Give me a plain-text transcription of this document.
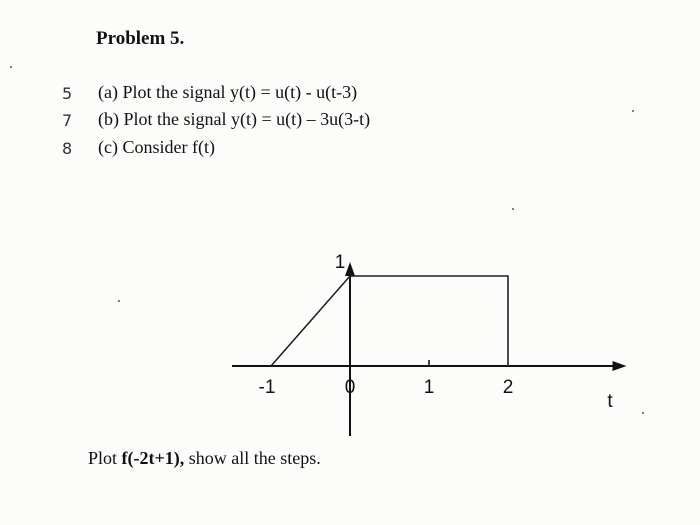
Problem 5.
5 (a) Plot the signal y(t) = u(t) - u(t-3)
7 (b) Plot the signal y(t) = u(t) – 3u(3-t)
8 (c) Consider f(t)
-1	0	1	2
1
t
Plot f(-2t+1), show all the steps.
